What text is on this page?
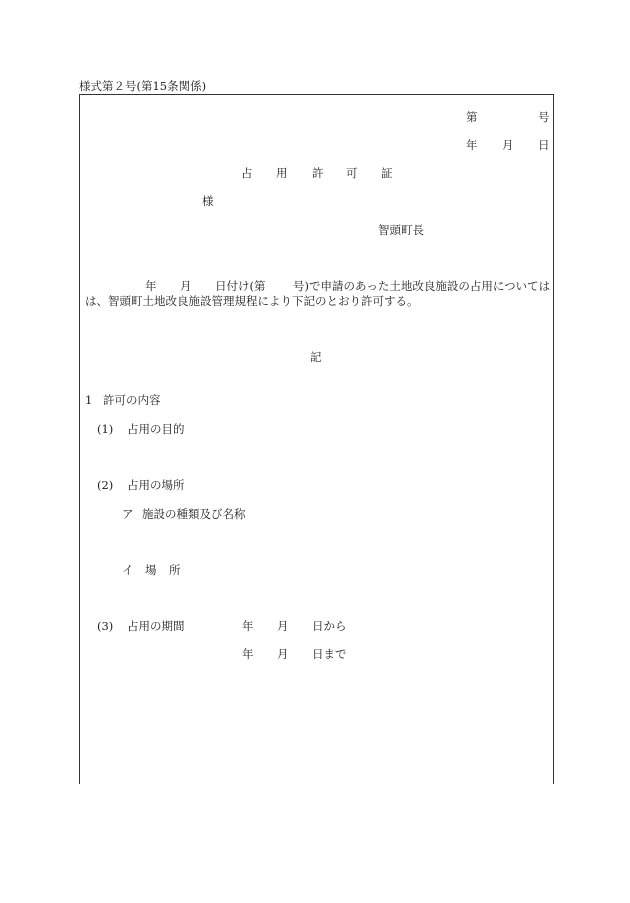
様式第２号(第15条関係)
第	号
年 月 日
占 用 許 可 証
様
智頭町長
年 月 日付け(第 号)で申請のあった土地改良施設の占用については
は、智頭町土地改良施設管理規程により下記のとおり許可する。
記
1 許可の内容
(1) 占用の目的
(2) 占用の場所
ア 施設の種類及び名称
イ 場 所
(3) 占用の期間	年 月 日から
年 月 日まで
